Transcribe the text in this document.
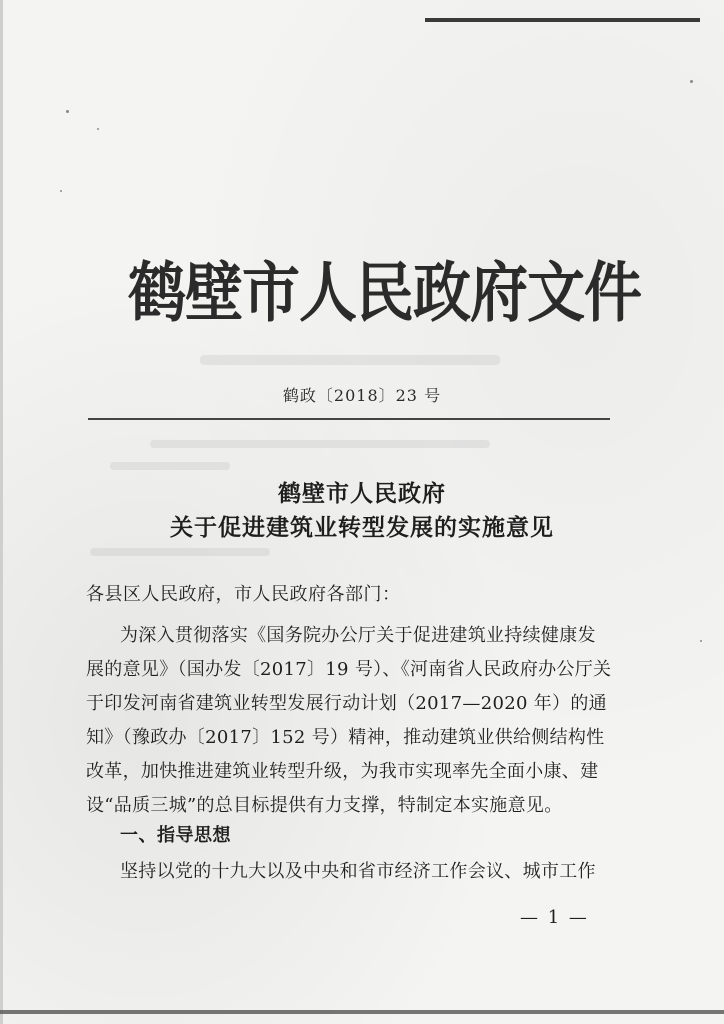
鹤壁市人民政府文件
鹤政〔2018〕23 号
鹤壁市人民政府
关于促进建筑业转型发展的实施意见
各县区人民政府，市人民政府各部门：
为深入贯彻落实《国务院办公厅关于促进建筑业持续健康发
展的意见》（国办发〔2017〕19 号）、《河南省人民政府办公厅关
于印发河南省建筑业转型发展行动计划（2017—2020 年）的通
知》（豫政办〔2017〕152 号）精神，推动建筑业供给侧结构性
改革，加快推进建筑业转型升级，为我市实现率先全面小康、建
设“品质三城”的总目标提供有力支撑，特制定本实施意见。
一、指导思想
坚持以党的十九大以及中央和省市经济工作会议、城市工作
— 1 —
